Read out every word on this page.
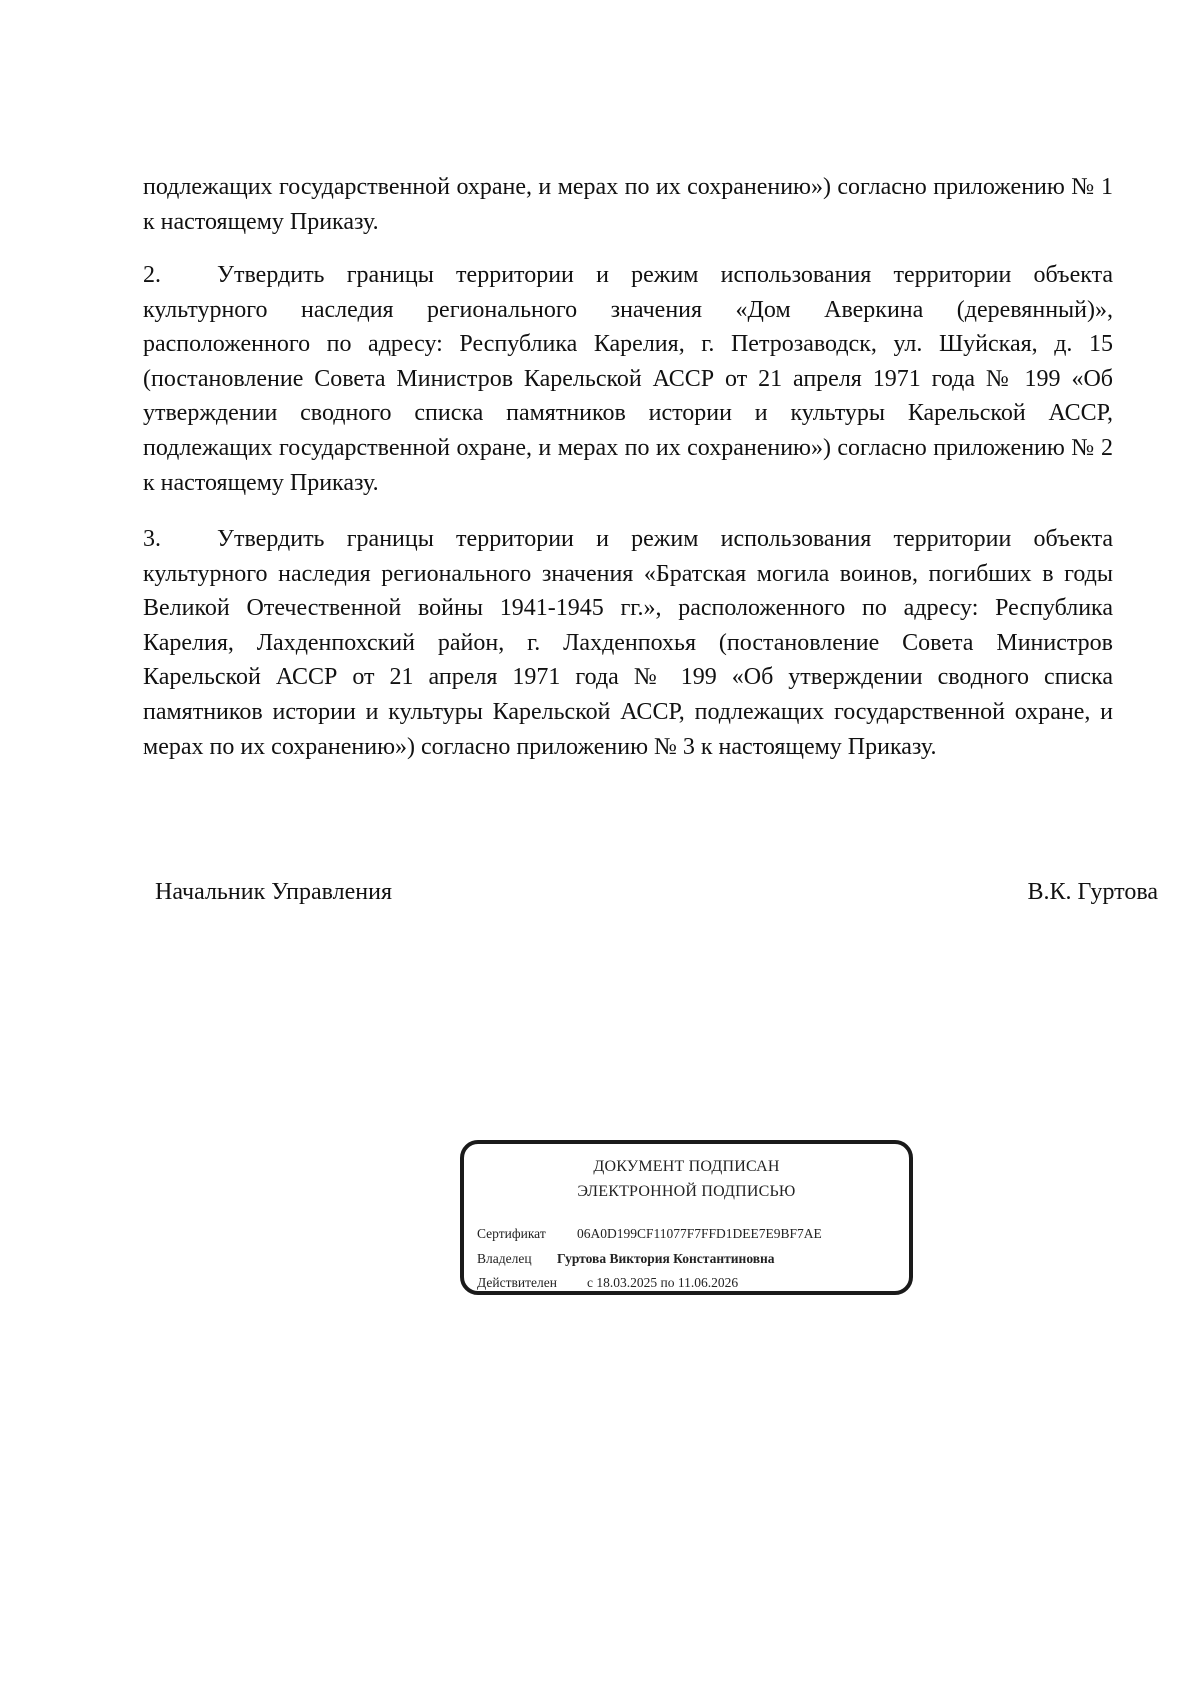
подлежащих государственной охране, и мерах по их сохранению») согласно приложению № 1 к настоящему Приказу.
2. Утвердить границы территории и режим использования территории объекта культурного наследия регионального значения «Дом Аверкина (деревянный)», расположенного по адресу: Республика Карелия, г. Петрозаводск, ул. Шуйская, д. 15 (постановление Совета Министров Карельской АССР от 21 апреля 1971 года № 199 «Об утверждении сводного списка памятников истории и культуры Карельской АССР, подлежащих государственной охране, и мерах по их сохранению») согласно приложению № 2 к настоящему Приказу.
3. Утвердить границы территории и режим использования территории объекта культурного наследия регионального значения «Братская могила воинов, погибших в годы Великой Отечественной войны 1941-1945 гг.», расположенного по адресу: Республика Карелия, Лахденпохский район, г. Лахденпохья (постановление Совета Министров Карельской АССР от 21 апреля 1971 года № 199 «Об утверждении сводного списка памятников истории и культуры Карельской АССР, подлежащих государственной охране, и мерах по их сохранению») согласно приложению № 3 к настоящему Приказу.
Начальник Управления	В.К. Гуртова
ДОКУМЕНТ ПОДПИСАН
ЭЛЕКТРОННОЙ ПОДПИСЬЮ
Сертификат 06A0D199CF11077F7FFD1DEE7E9BF7AE
Владелец Гуртова Виктория Константиновна
Действителен с 18.03.2025 по 11.06.2026
